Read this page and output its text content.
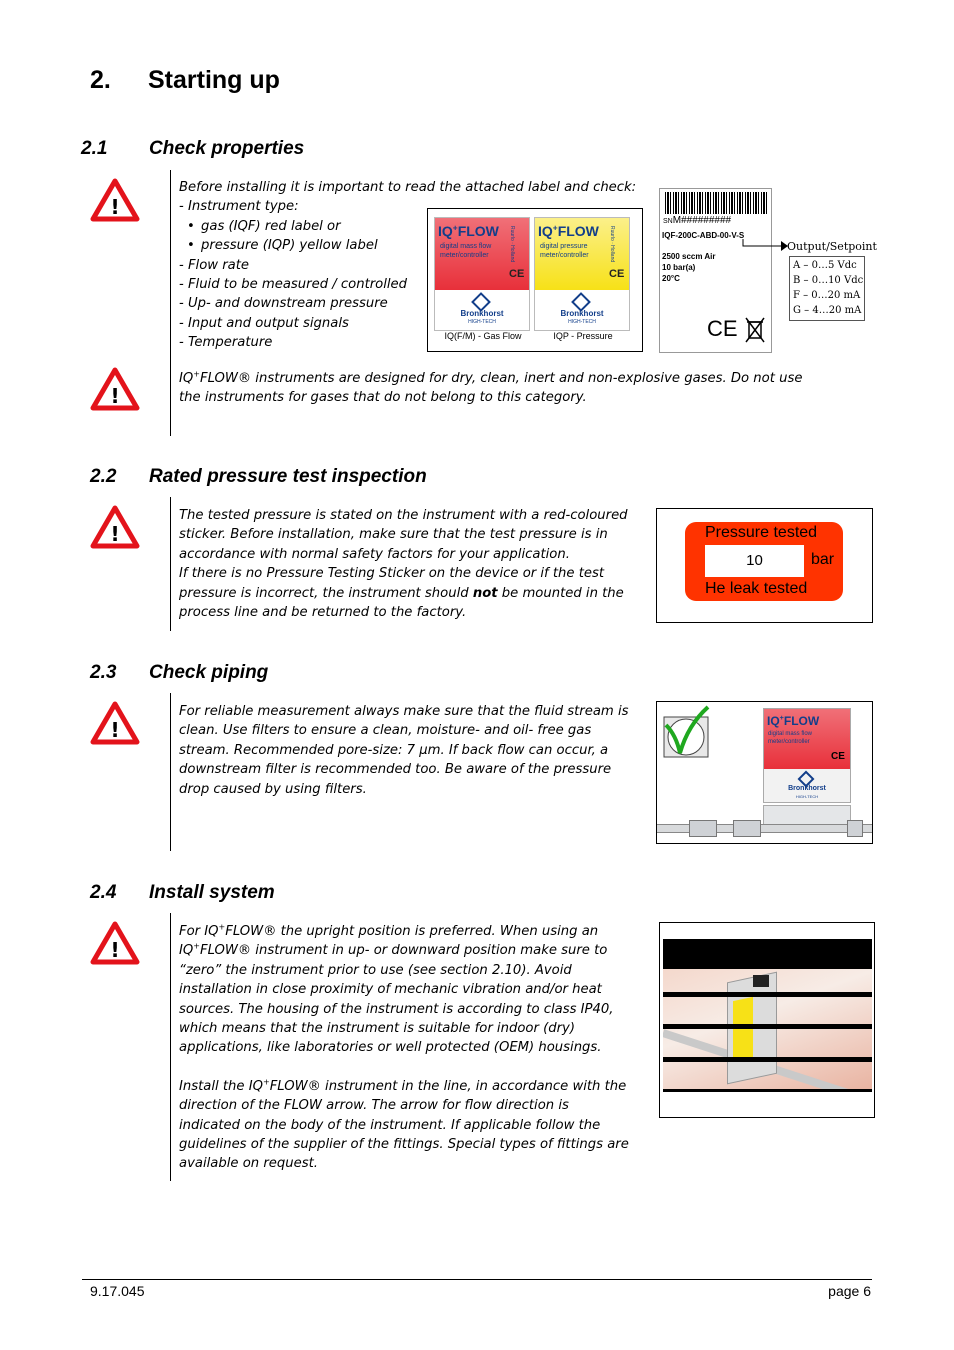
2. Starting up
2.1 Check properties
!

Before installing it is important to read the attached label and check:

- Instrument type:

• gas (IQF) red label or

• pressure (IQP) yellow label

- Flow rate

- Fluid to be measured / controlled

- Up- and downstream pressure

- Input and output signals

- Temperature

IQ+FLOW
digital mass flow
meter/controller	Ruurlo · Holland
CE
Bronkhorst
HIGH-TECH
IQ+FLOW
digital pressure
meter/controller	Ruurlo · Holland
CE
Bronkhorst
HIGH-TECH
IQ(F/M) - Gas Flow	IQP - Pressure
SNM#########
IQF-200C-ABD-00-V-S
2500 sccm Air
10 bar(a)
20°C
CE
Output/Setpoint
A – 0…5 Vdc
B – 0…10 Vdc
F – 0…20 mA
G – 4…20 mA
!

IQ+FLOW® instruments are designed for dry, clean, inert and non-explosive gases. Do not use the instruments for gases that do not belong to this category.

2.2 Rated pressure test inspection
!

The tested pressure is stated on the instrument with a red-coloured sticker. Before installation, make sure that the test pressure is in accordance with normal safety factors for your application.

If there is no Pressure Testing Sticker on the device or if the test pressure is incorrect, the instrument should not be mounted in the process line and be returned to the factory.

Pressure tested
10	bar
He leak tested
2.3 Check piping
!

For reliable measurement always make sure that the fluid stream is clean. Use filters to ensure a clean, moisture- and oil- free gas stream. Recommended pore-size: 7 µm. If back flow can occur, a downstream filter is recommended too. Be aware of the pressure drop caused by using filters.

IQ+FLOW
digital mass flow
meter/controller
CE
Bronkhorst
HIGH-TECH
2.4 Install system
!

For IQ+FLOW® the upright position is preferred. When using an IQ+FLOW® instrument in up- or downward position make sure to “zero” the instrument prior to use (see section 2.10). Avoid installation in close proximity of mechanic vibration and/or heat sources. The housing of the instrument is according to class IP40, which means that the instrument is suitable for indoor (dry) applications, like laboratories or well protected (OEM) housings.

Install the IQ+FLOW® instrument in the line, in accordance with the direction of the FLOW arrow. The arrow for flow direction is indicated on the body of the instrument. If applicable follow the guidelines of the supplier of the fittings. Special types of fittings are available on request.

9.17.045	page 6
